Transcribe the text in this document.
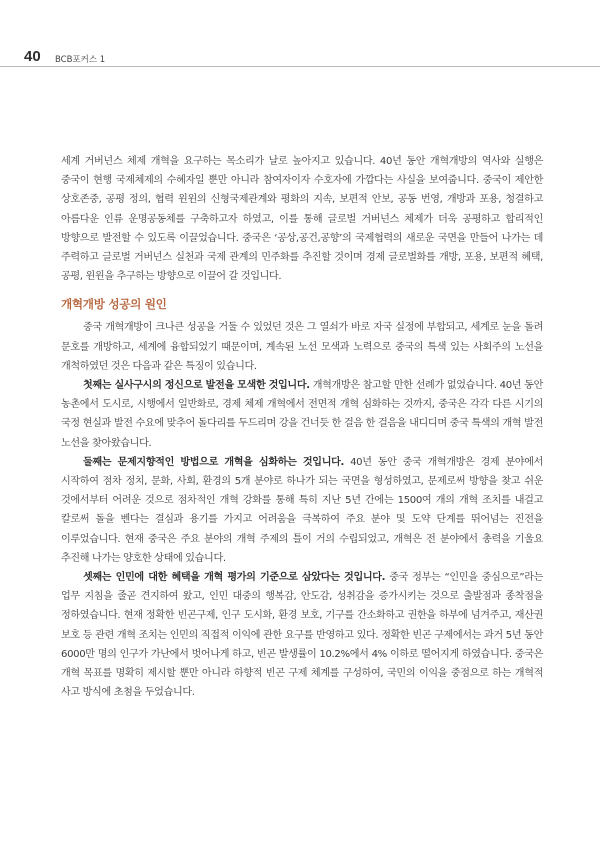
40 BCB포커스 1

세계 거버넌스 체제 개혁을 요구하는 목소리가 날로 높아지고 있습니다. 40년 동안 개혁개방의 역사와 실행은 중국이 현행 국제체제의 수혜자일 뿐만 아니라 참여자이자 수호자에 가깝다는 사실을 보여줍니다. 중국이 제안한 상호존중, 공평 정의, 협력 윈윈의 신형국제관계와 평화의 지속, 보편적 안보, 공동 번영, 개방과 포용, 청결하고 아름다운 인류 운명공동체를 구축하고자 하였고, 이를 통해 글로벌 거버넌스 체제가 더욱 공평하고 합리적인 방향으로 발전할 수 있도록 이끌었습니다. 중국은 ‘공상,공건,공향’의 국제협력의 새로운 국면을 만들어 나가는 데 주력하고 글로벌 거버넌스 실천과 국제 관계의 민주화를 추진할 것이며 경제 글로벌화를 개방, 포용, 보편적 혜택, 공평, 윈윈을 추구하는 방향으로 이끌어 갈 것입니다.

개혁개방 성공의 원인

중국 개혁개방이 크나큰 성공을 거둘 수 있었던 것은 그 열쇠가 바로 자국 실정에 부합되고, 세계로 눈을 돌려 문호를 개방하고, 세계에 융합되었기 때문이며, 계속된 노선 모색과 노력으로 중국의 특색 있는 사회주의 노선을 개척하였던 것은 다음과 같은 특징이 있습니다.

첫째는 실사구시의 정신으로 발전을 모색한 것입니다. 개혁개방은 참고할 만한 선례가 없었습니다. 40년 동안 농촌에서 도시로, 시행에서 일반화로, 경제 체제 개혁에서 전면적 개혁 심화하는 것까지, 중국은 각각 다른 시기의 국정 현실과 발전 수요에 맞추어 돌다리를 두드리며 강을 건너듯 한 걸음 한 걸음을 내디디며 중국 특색의 개혁 발전 노선을 찾아왔습니다.

둘째는 문제지향적인 방법으로 개혁을 심화하는 것입니다. 40년 동안 중국 개혁개방은 경제 분야에서 시작하여 점차 정치, 문화, 사회, 환경의 5개 분야로 하나가 되는 국면을 형성하였고, 문제로써 방향을 찾고 쉬운 것에서부터 어려운 것으로 점차적인 개혁 강화를 통해 특히 지난 5년 간에는 1500여 개의 개혁 조치를 내걸고 칼로써 돌을 벤다는 결심과 용기를 가지고 어려움을 극복하여 주요 분야 및 도약 단계를 뛰어넘는 진전을 이루었습니다. 현재 중국은 주요 분야의 개혁 주제의 틀이 거의 수립되었고, 개혁은 전 분야에서 총력을 기울요 추진해 나가는 양호한 상태에 있습니다.

셋째는 인민에 대한 혜택을 개혁 평가의 기준으로 삼았다는 것입니다. 중국 정부는 “인민을 중심으로”라는 업무 지침을 줄곧 견지하여 왔고, 인민 대중의 행복감, 안도감, 성취감을 증가시키는 것으로 출발점과 종착점을 정하였습니다. 현재 정확한 빈곤구제, 인구 도시화, 환경 보호, 기구를 간소화하고 권한을 하부에 넘겨주고, 재산권 보호 등 관련 개혁 조치는 인민의 직접적 이익에 관한 요구를 반영하고 있다. 정확한 빈곤 구제에서는 과거 5년 동안 6000만 명의 인구가 가난에서 벗어나게 하고, 빈곤 발생률이 10.2%에서 4% 이하로 떨어지게 하였습니다. 중국은 개혁 목표를 명확히 제시할 뿐만 아니라 하향적 빈곤 구제 체계를 구성하여, 국민의 이익을 중점으로 하는 개혁적 사고 방식에 초첨을 두었습니다.
